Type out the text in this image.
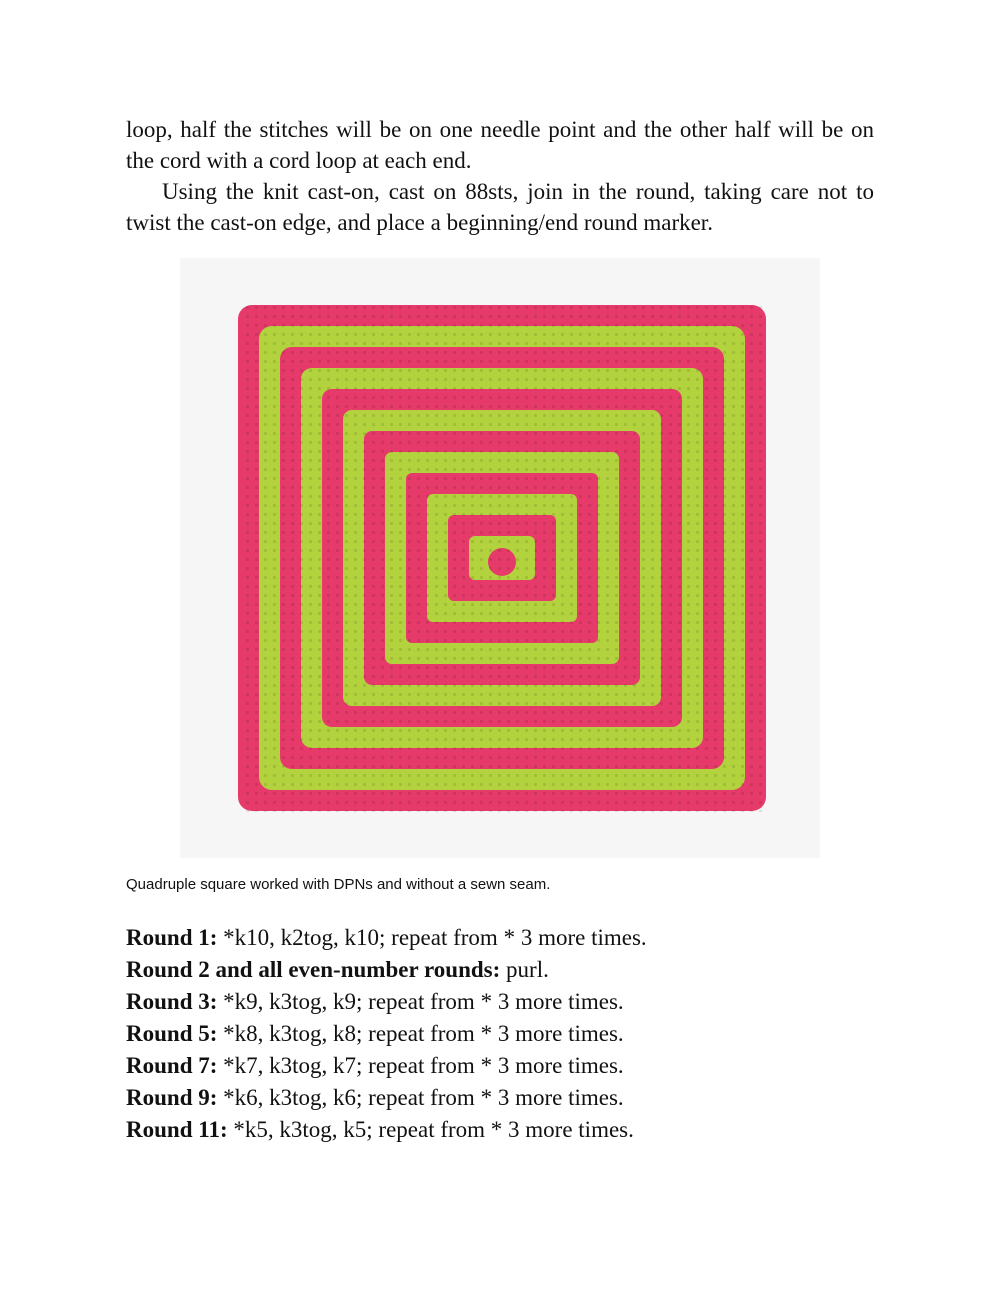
loop, half the stitches will be on one needle point and the other half will be on the cord with a cord loop at each end.

Using the knit cast-on, cast on 88sts, join in the round, taking care not to twist the cast-on edge, and place a beginning/end round marker.

Quadruple square worked with DPNs and without a sewn seam.

Round 1: *k10, k2tog, k10; repeat from * 3 more times.
Round 2 and all even-number rounds: purl.
Round 3: *k9, k3tog, k9; repeat from * 3 more times.
Round 5: *k8, k3tog, k8; repeat from * 3 more times.
Round 7: *k7, k3tog, k7; repeat from * 3 more times.
Round 9: *k6, k3tog, k6; repeat from * 3 more times.
Round 11: *k5, k3tog, k5; repeat from * 3 more times.
